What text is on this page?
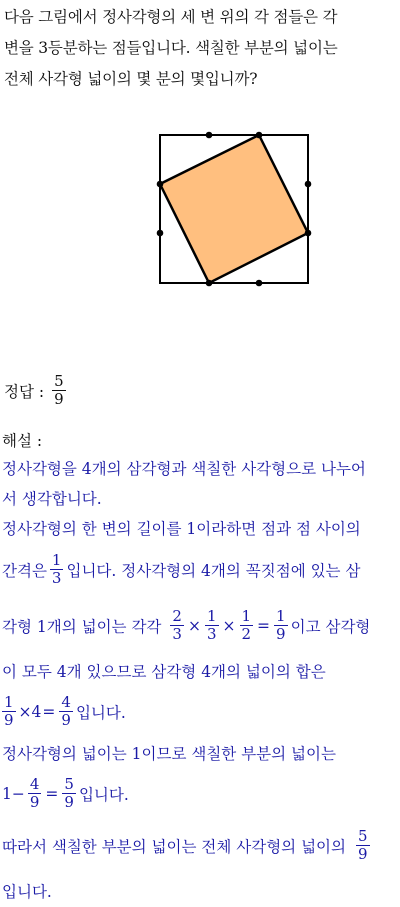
다음 그림에서 정사각형의 세 변 위의 각 점들은 각
변을 3등분하는 점들입니다. 색칠한 부분의 넓이는
전체 사각형 넓이의 몇 분의 몇입니까?
정답 : $\frac{5}{9}$
해설 :
정사각형을 4개의 삼각형과 색칠한 사각형으로 나누어
서 생각합니다.
정사각형의 한 변의 길이를 1이라하면 점과 점 사이의
간격은 $\frac{1}{3}$ 입니다. 정사각형의 4개의 꼭짓점에 있는 삼
각형 1개의 넓이는 각각 $\frac{2}{3} \times \frac{1}{3} \times \frac{1}{2} = \frac{1}{9}$ 이고 삼각형
이 모두 4개 있으므로 삼각형 4개의 넓이의 합은
$\frac{1}{9} \times 4 = \frac{4}{9}$ 입니다.
정사각형의 넓이는 1이므로 색칠한 부분의 넓이는
$1- \frac{4}{9} = \frac{5}{9}$ 입니다.
따라서 색칠한 부분의 넓이는 전체 사각형의 넓이의 $\frac{5}{9}$
입니다.
